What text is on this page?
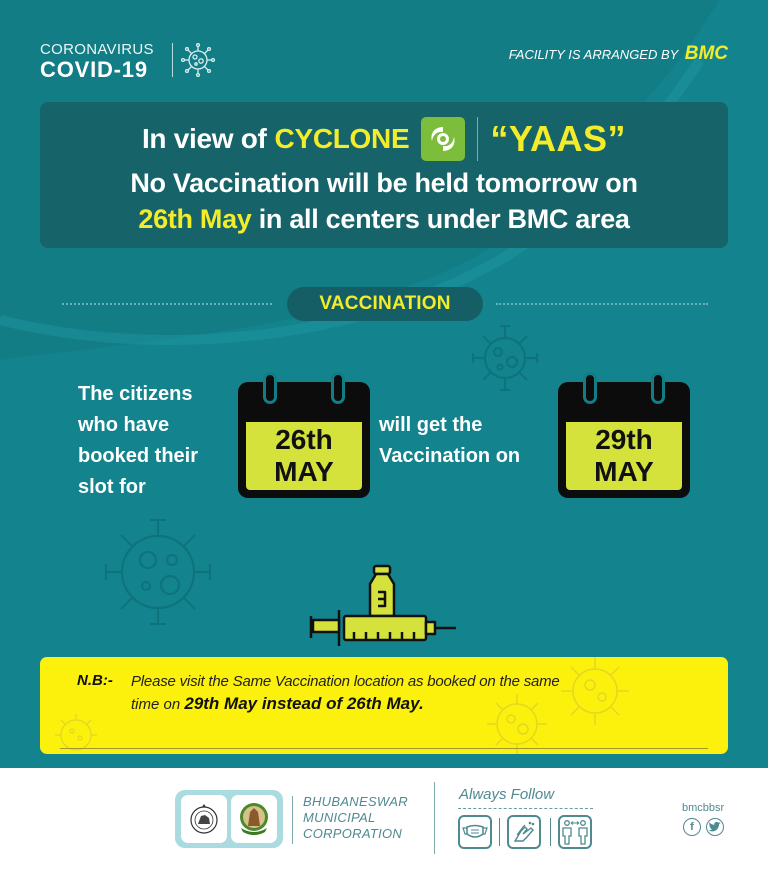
CORONAVIRUS
COVID-19
FACILITY IS ARRANGED BY BMC
In view of CYCLONE “YAAS”
No Vaccination will be held tomorrow on
26th May in all centers under BMC area
VACCINATION
The citizens
who have
booked their
slot for
26th
MAY
will get the
Vaccination on
29th
MAY
N.B:- Please visit the Same Vaccination location as booked on the same
time on 29th May instead of 26th May.
BHUBANESWAR
MUNICIPAL
CORPORATION
Always Follow
bmcbbsr
f
